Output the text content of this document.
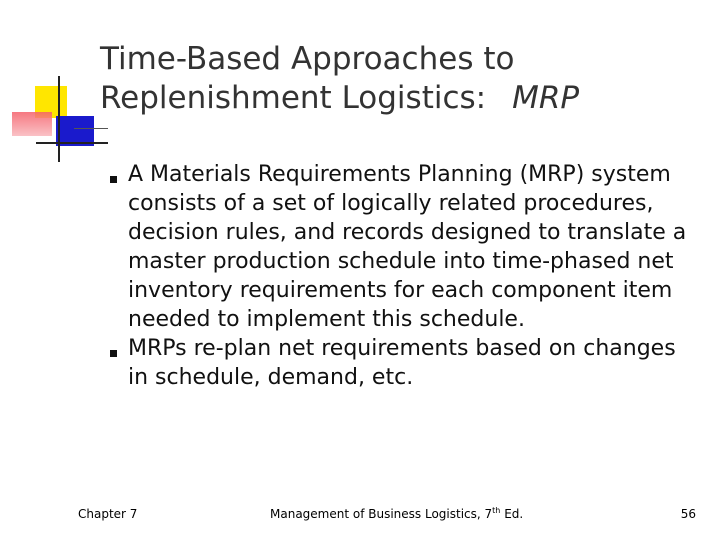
Time-Based Approaches to
Replenishment Logistics: MRP
A Materials Requirements Planning (MRP) system consists of a set of logically related procedures, decision rules, and records designed to translate a master production schedule into time-phased net inventory requirements for each component item needed to implement this schedule.
MRPs re-plan net requirements based on changes in schedule, demand, etc.
Chapter 7	Management of Business Logistics, 7th Ed.	56
